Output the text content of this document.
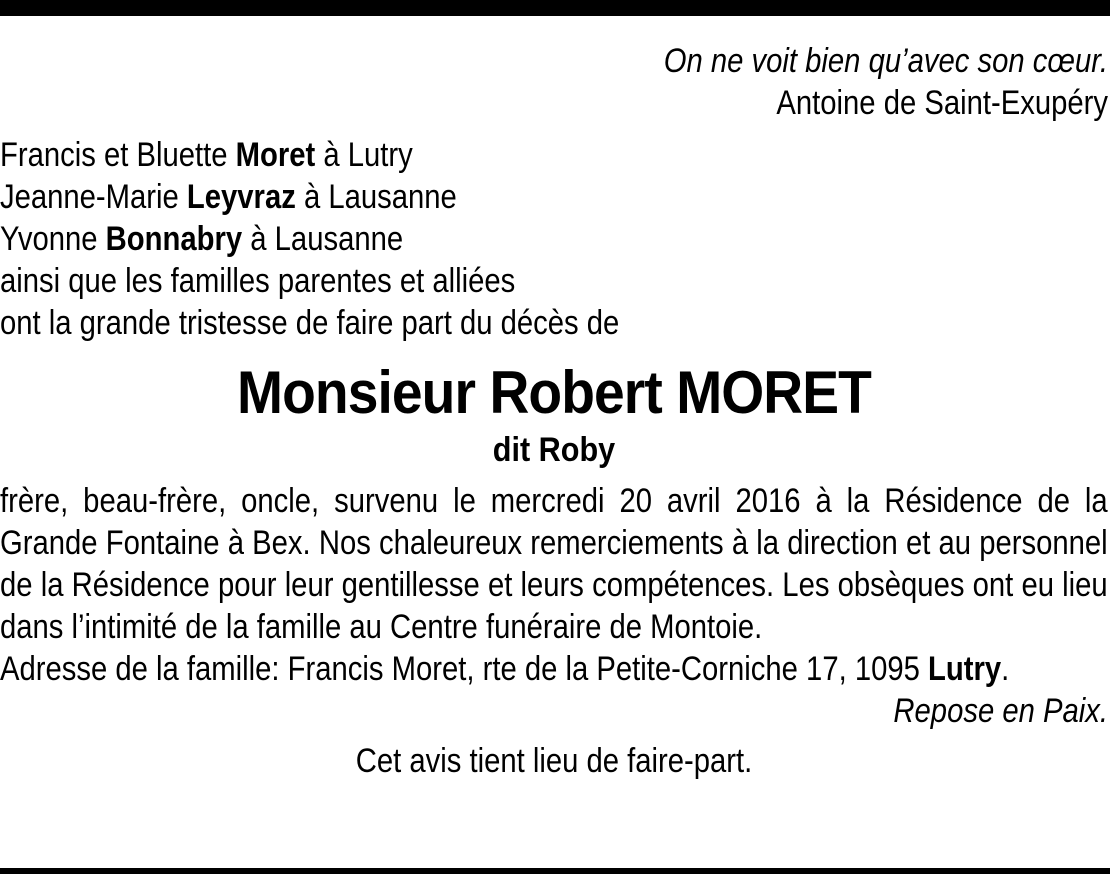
On ne voit bien qu’avec son cœur.
Antoine de Saint-Exupéry
Francis et Bluette Moret à Lutry
Jeanne-Marie Leyvraz à Lausanne
Yvonne Bonnabry à Lausanne
ainsi que les familles parentes et alliées
ont la grande tristesse de faire part du décès de
Monsieur Robert MORET
dit Roby

frère, beau-frère, oncle, survenu le mercredi 20 avril 2016 à la Résidence de la Grande Fontaine à Bex. Nos chaleureux remerciements à la direction et au personnel de la Résidence pour leur gentillesse et leurs compétences. Les obsèques ont eu lieu dans l’intimité de la famille au Centre funéraire de Montoie.

Adresse de la famille: Francis Moret, rte de la Petite-Corniche 17, 1095 Lutry.
Repose en Paix.
Cet avis tient lieu de faire-part.
